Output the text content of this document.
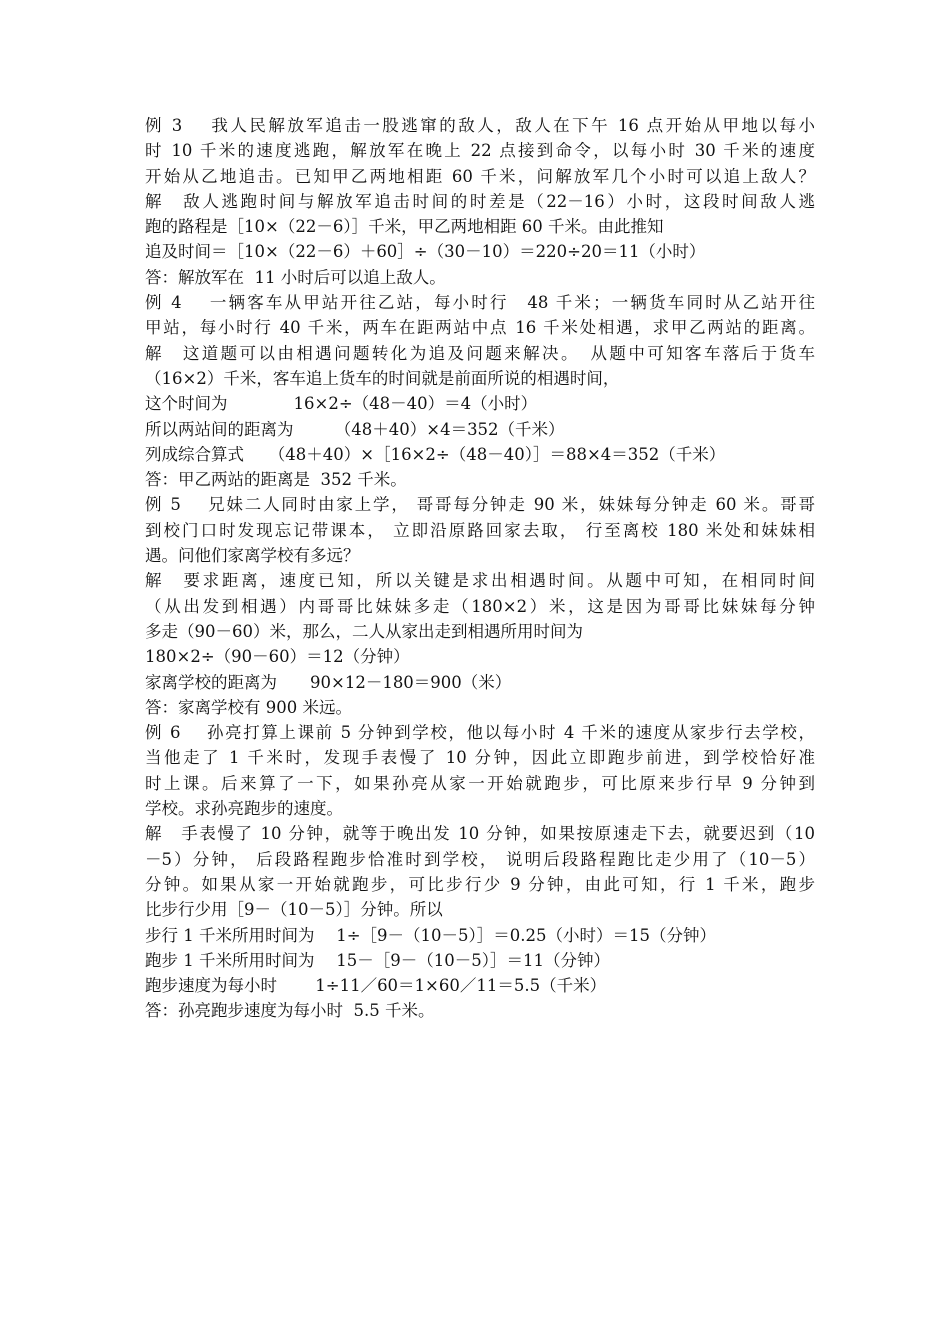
例 3　 我人民解放军追击一股逃窜的敌人，敌人在下午 16 点开始从甲地以每小
时 10 千米的速度逃跑，解放军在晚上 22 点接到命令，以每小时 30 千米的速度
开始从乙地追击。已知甲乙两地相距 60 千米，问解放军几个小时可以追上敌人？
解　敌人逃跑时间与解放军追击时间的时差是（22－16）小时，这段时间敌人逃
跑的路程是［10×（22－6）］千米，甲乙两地相距 60 千米。由此推知
追及时间＝［10×（22－6）＋60］÷（30－10）＝220÷20＝11（小时）
答：解放军在  11 小时后可以追上敌人。
例 4　 一辆客车从甲站开往乙站，每小时行　48 千米；一辆货车同时从乙站开往
甲站，每小时行 40 千米，两车在距两站中点 16 千米处相遇，求甲乙两站的距离。
解　这道题可以由相遇问题转化为追及问题来解决。　从题中可知客车落后于货车
（16×2）千米，客车追上货车的时间就是前面所说的相遇时间，
这个时间为　　　　16×2÷（48－40）＝4（小时）
所以两站间的距离为　　　（48＋40）×4＝352（千米）
列成综合算式　　（48＋40）×［16×2÷（48－40）］＝88×4＝352（千米）
答：甲乙两站的距离是  352 千米。
例 5　 兄妹二人同时由家上学， 哥哥每分钟走 90 米，妹妹每分钟走 60 米。哥哥
到校门口时发现忘记带课本， 立即沿原路回家去取， 行至离校 180 米处和妹妹相
遇。问他们家离学校有多远？
解　要求距离，速度已知，所以关键是求出相遇时间。从题中可知，在相同时间
（从出发到相遇）内哥哥比妹妹多走（180×2）米，这是因为哥哥比妹妹每分钟
多走（90－60）米，那么，二人从家出走到相遇所用时间为
180×2÷（90－60）＝12（分钟）
家离学校的距离为　　90×12－180＝900（米）
答：家离学校有 900 米远。
例 6　 孙亮打算上课前 5 分钟到学校，他以每小时 4 千米的速度从家步行去学校，
当他走了 1 千米时，发现手表慢了 10 分钟，因此立即跑步前进，到学校恰好准
时上课。后来算了一下，如果孙亮从家一开始就跑步，可比原来步行早 9 分钟到
学校。求孙亮跑步的速度。
解　手表慢了 10 分钟，就等于晚出发 10 分钟，如果按原速走下去，就要迟到（10
－5）分钟， 后段路程跑步恰准时到学校， 说明后段路程跑比走少用了（10－5）
分钟。如果从家一开始就跑步，可比步行少 9 分钟，由此可知，行 1 千米，跑步
比步行少用［9－（10－5）］分钟。所以
步行 1 千米所用时间为　 1÷［9－（10－5）］＝0.25（小时）＝15（分钟）
跑步 1 千米所用时间为　 15－［9－（10－5）］＝11（分钟）
跑步速度为每小时　　 1÷11／60＝1×60／11＝5.5（千米）
答：孙亮跑步速度为每小时  5.5 千米。
